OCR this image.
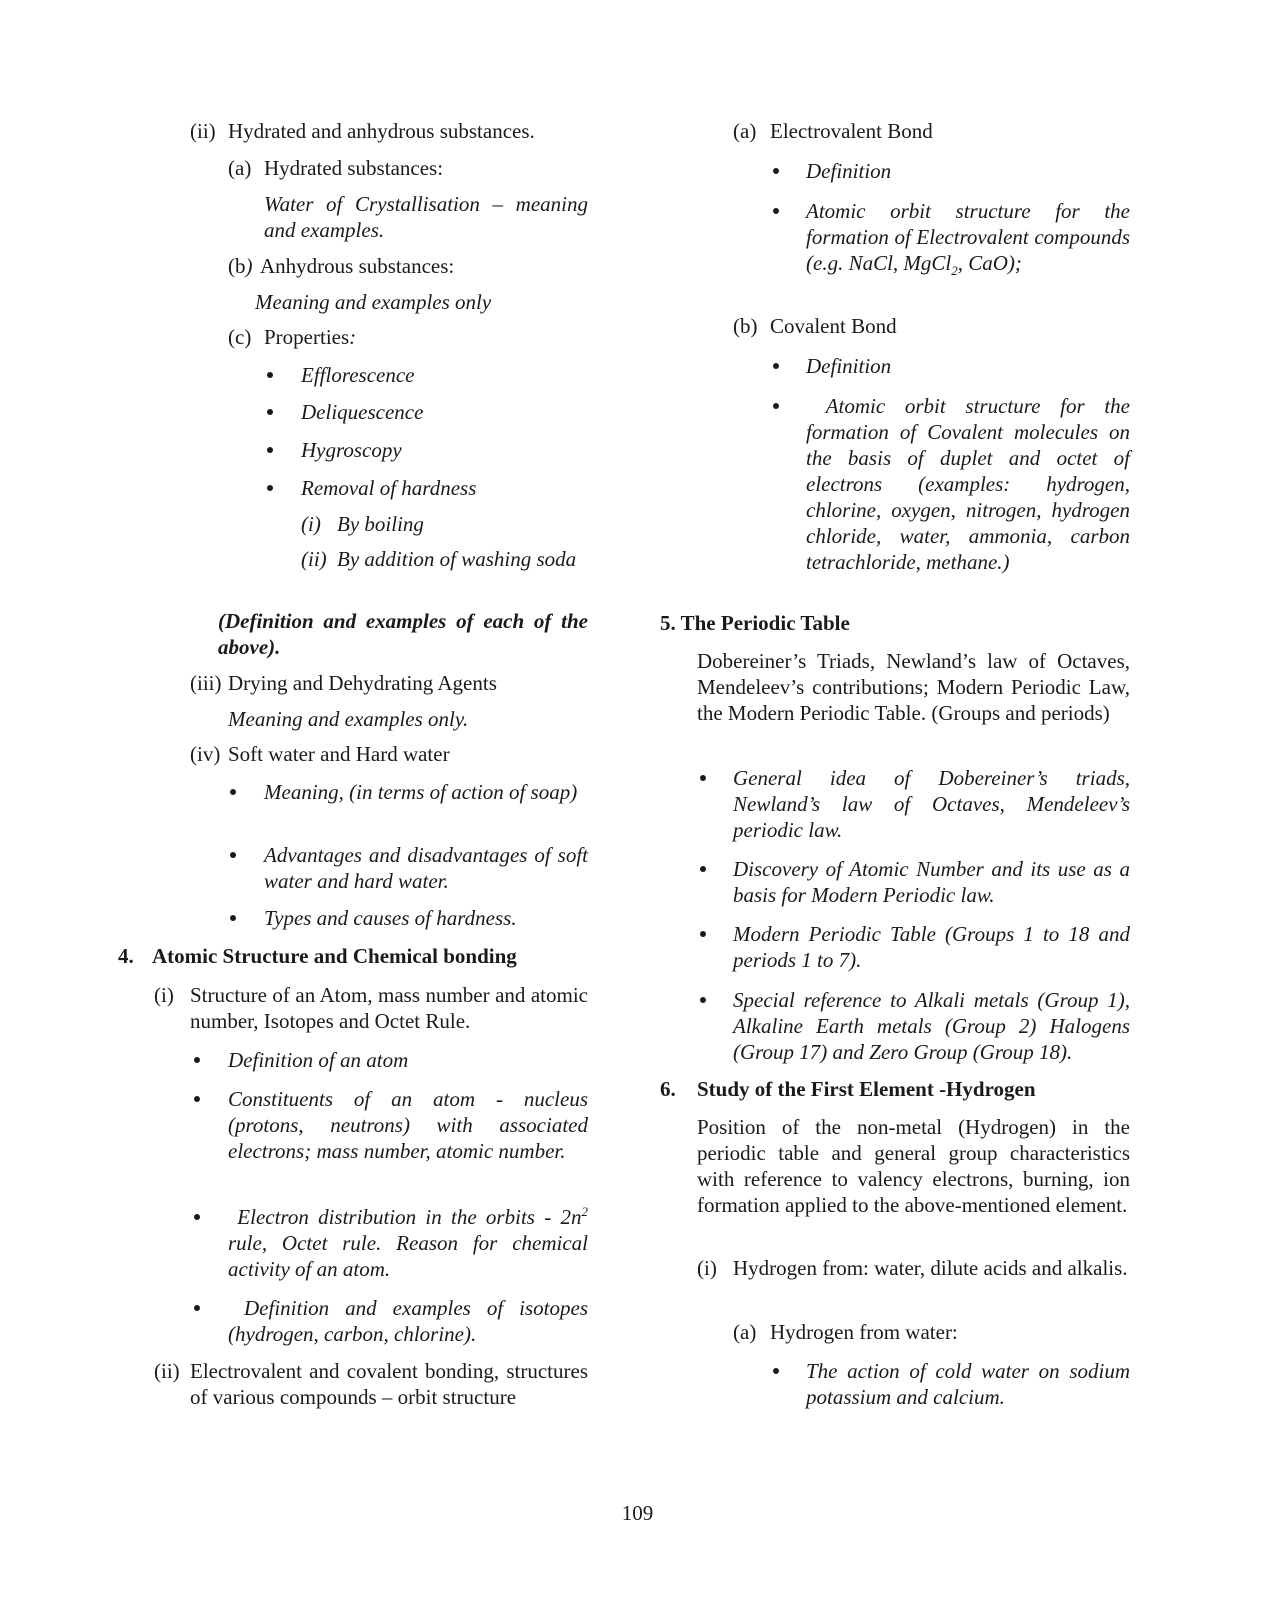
(ii) Hydrated and anhydrous substances.
(a) Hydrated substances:
Water of Crystallisation – meaning and examples.
(b) Anhydrous substances:
Meaning and examples only
(c) Properties:
Efflorescence
Deliquescence
Hygroscopy
Removal of hardness
(i) By boiling
(ii) By addition of washing soda
(Definition and examples of each of the above).
(iii) Drying and Dehydrating Agents
Meaning and examples only.
(iv) Soft water and Hard water
Meaning, (in terms of action of soap)
Advantages and disadvantages of soft water and hard water.
Types and causes of hardness.
4. Atomic Structure and Chemical bonding
(i) Structure of an Atom, mass number and atomic number, Isotopes and Octet Rule.
Definition of an atom
Constituents of an atom - nucleus (protons, neutrons) with associated electrons; mass number, atomic number.
Electron distribution in the orbits - $2n^2$ rule, Octet rule. Reason for chemical activity of an atom.
Definition and examples of isotopes (hydrogen, carbon, chlorine).
(ii) Electrovalent and covalent bonding, structures of various compounds – orbit structure
(a) Electrovalent Bond
Definition
Atomic orbit structure for the formation of Electrovalent compounds (e.g. NaCl, MgCl$_2$, CaO);
(b) Covalent Bond
Definition
Atomic orbit structure for the formation of Covalent molecules on the basis of duplet and octet of electrons (examples: hydrogen, chlorine, oxygen, nitrogen, hydrogen chloride, water, ammonia, carbon tetrachloride, methane.)
5. The Periodic Table
Dobereiner’s Triads, Newland’s law of Octaves, Mendeleev’s contributions; Modern Periodic Law, the Modern Periodic Table. (Groups and periods)
General idea of Dobereiner’s triads, Newland’s law of Octaves, Mendeleev’s periodic law.
Discovery of Atomic Number and its use as a basis for Modern Periodic law.
Modern Periodic Table (Groups 1 to 18 and periods 1 to 7).
Special reference to Alkali metals (Group 1), Alkaline Earth metals (Group 2) Halogens (Group 17) and Zero Group (Group 18).
6. Study of the First Element -Hydrogen
Position of the non-metal (Hydrogen) in the periodic table and general group characteristics with reference to valency electrons, burning, ion formation applied to the above-mentioned element.
(i) Hydrogen from: water, dilute acids and alkalis.
(a) Hydrogen from water:
The action of cold water on sodium potassium and calcium.
109
